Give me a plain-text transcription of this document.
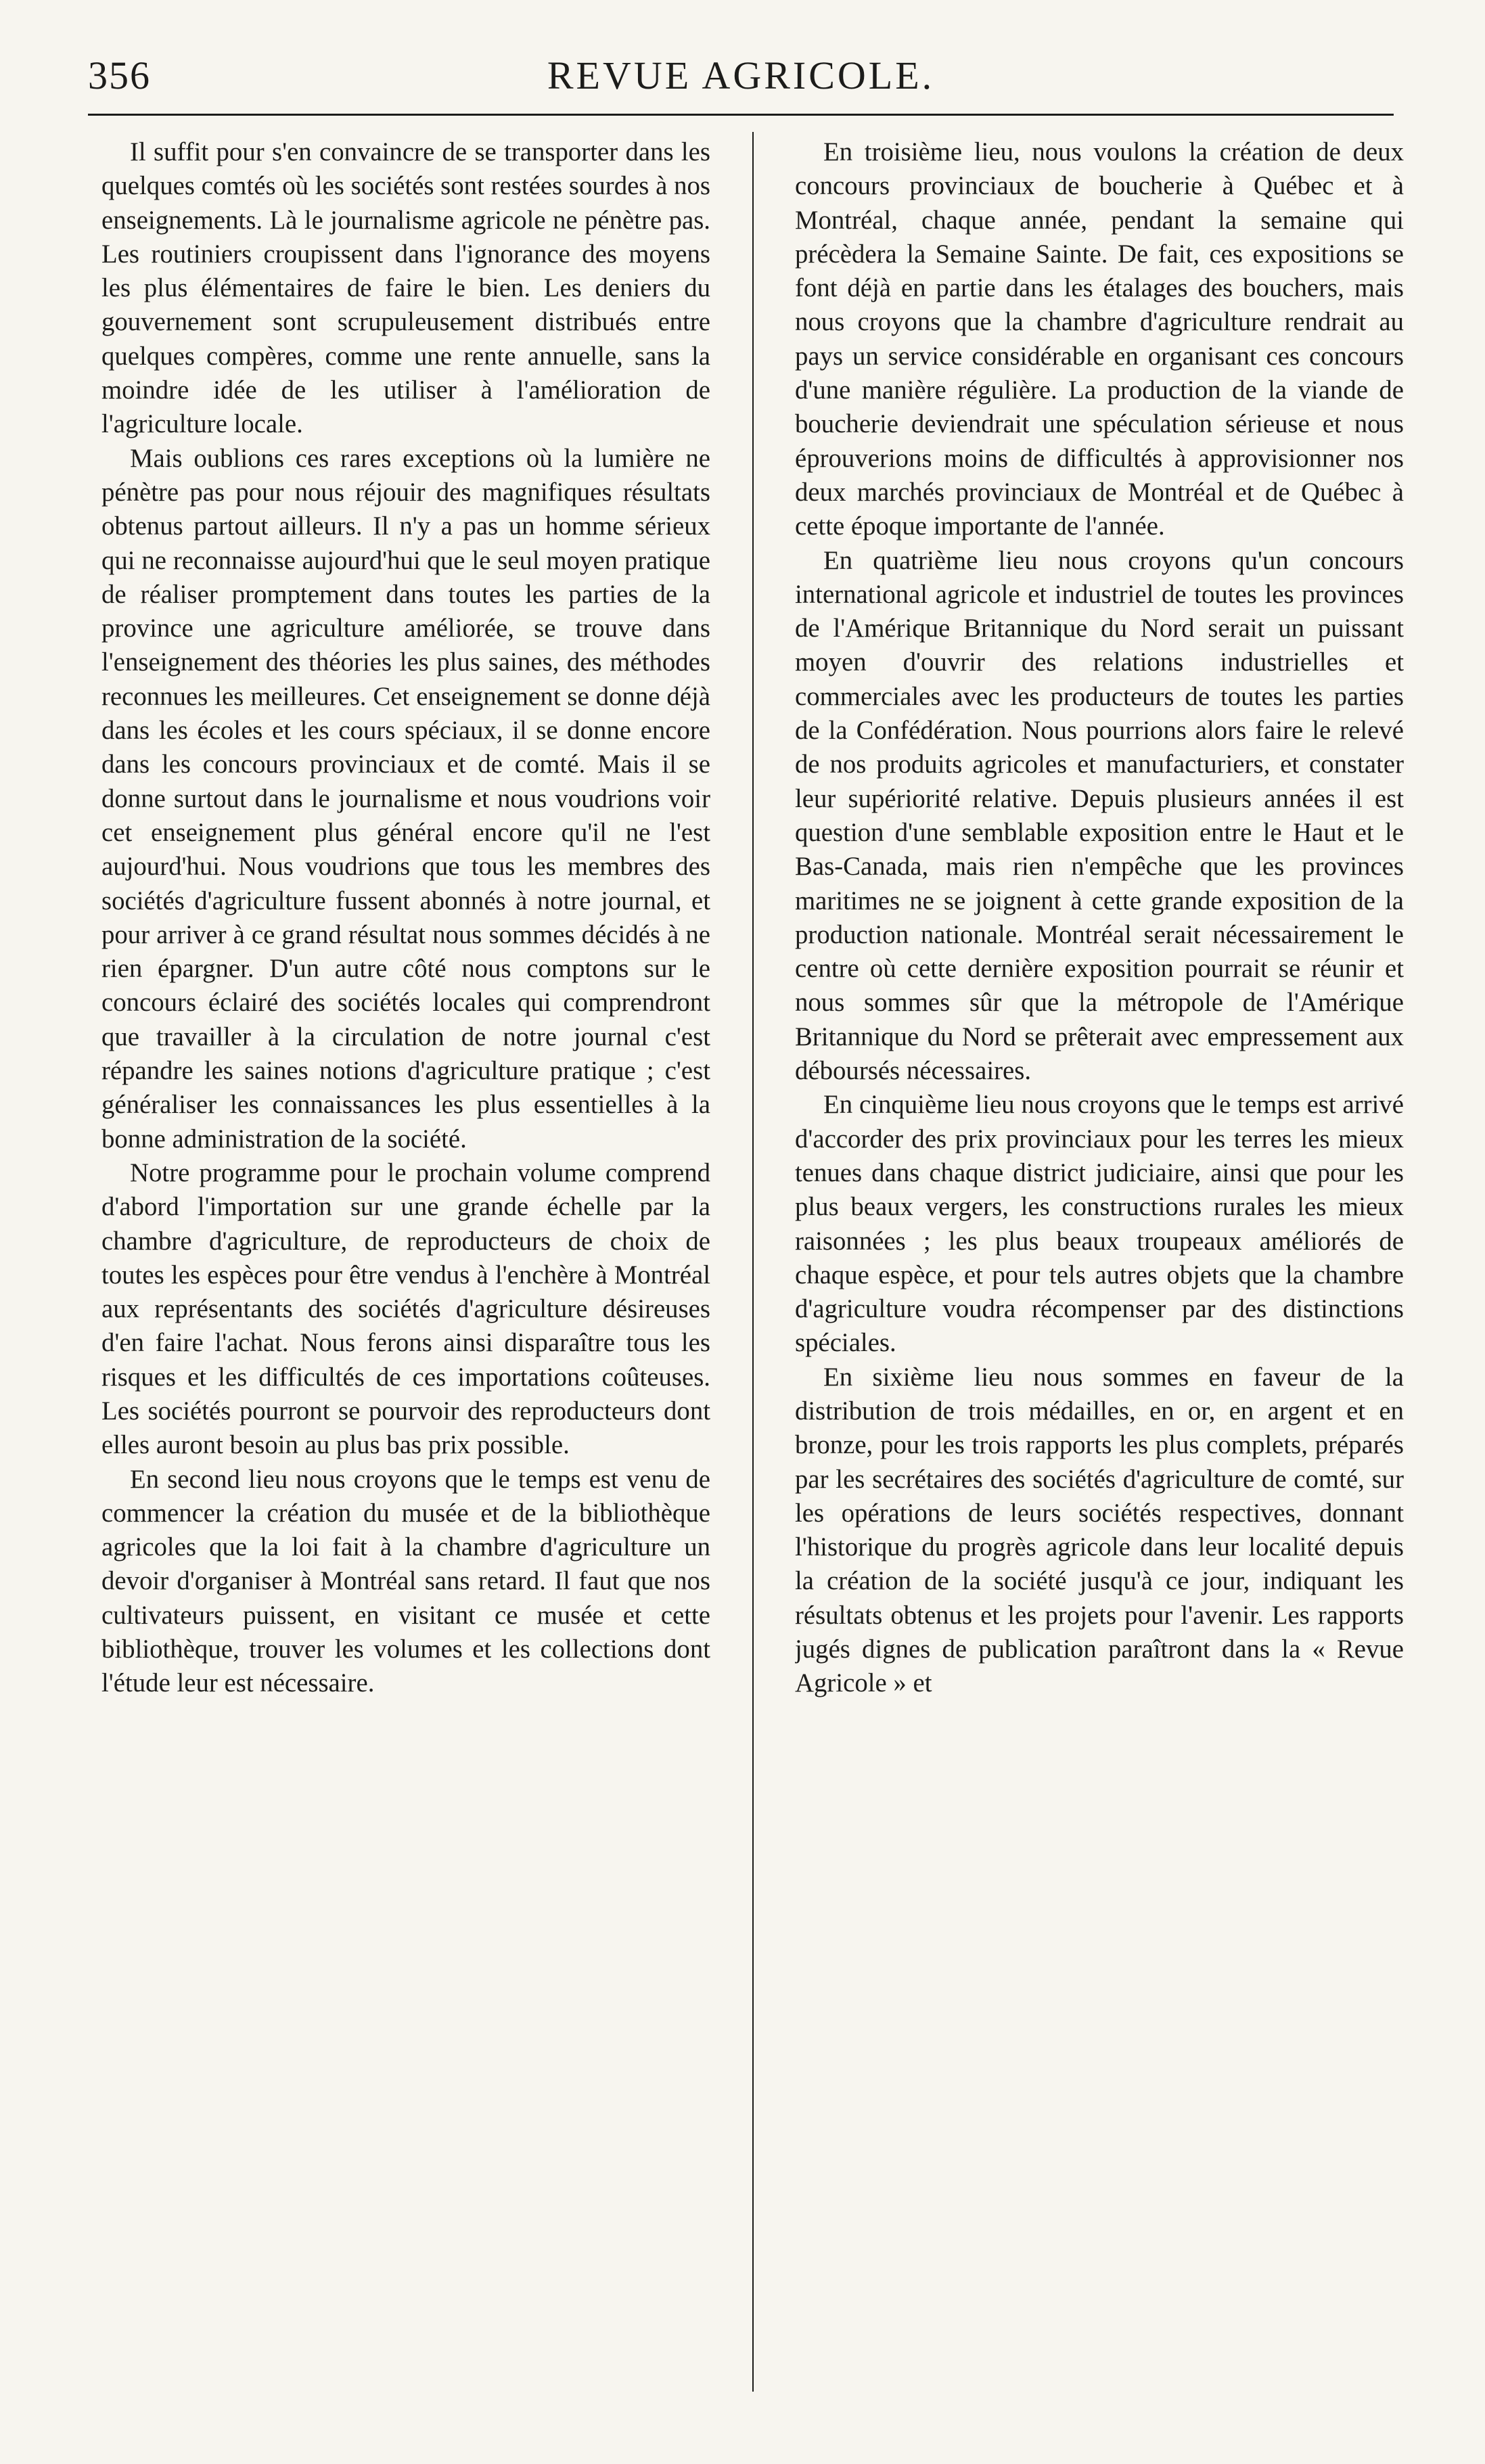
356	REVUE AGRICOLE.

Il suffit pour s'en convaincre de se transporter dans les quelques comtés où les sociétés sont restées sourdes à nos enseignements. Là le journalisme agricole ne pénètre pas. Les routiniers croupissent dans l'ignorance des moyens les plus élémentaires de faire le bien. Les deniers du gouvernement sont scrupuleusement distribués entre quelques compères, comme une rente annuelle, sans la moindre idée de les utiliser à l'amélioration de l'agriculture locale.

Mais oublions ces rares exceptions où la lumière ne pénètre pas pour nous réjouir des magnifiques résultats obtenus partout ailleurs. Il n'y a pas un homme sérieux qui ne reconnaisse aujourd'hui que le seul moyen pratique de réaliser promptement dans toutes les parties de la province une agriculture améliorée, se trouve dans l'enseignement des théories les plus saines, des méthodes reconnues les meilleures. Cet enseignement se donne déjà dans les écoles et les cours spéciaux, il se donne encore dans les concours provinciaux et de comté. Mais il se donne surtout dans le journalisme et nous voudrions voir cet enseignement plus général encore qu'il ne l'est aujourd'hui. Nous voudrions que tous les membres des sociétés d'agriculture fussent abonnés à notre journal, et pour arriver à ce grand résultat nous sommes décidés à ne rien épargner. D'un autre côté nous comptons sur le concours éclairé des sociétés locales qui comprendront que travailler à la circulation de notre journal c'est répandre les saines notions d'agriculture pratique ; c'est généraliser les connaissances les plus essentielles à la bonne administration de la société.

Notre programme pour le prochain volume comprend d'abord l'importation sur une grande échelle par la chambre d'agriculture, de reproducteurs de choix de toutes les espèces pour être vendus à l'enchère à Montréal aux représentants des sociétés d'agriculture désireuses d'en faire l'achat. Nous ferons ainsi disparaître tous les risques et les difficultés de ces importations coûteuses. Les sociétés pourront se pourvoir des reproducteurs dont elles auront besoin au plus bas prix possible.

En second lieu nous croyons que le temps est venu de commencer la création du musée et de la bibliothèque agricoles que la loi fait à la chambre d'agriculture un devoir d'organiser à Montréal sans retard. Il faut que nos cultivateurs puissent, en visitant ce musée et cette bibliothèque, trouver les volumes et les collections dont l'étude leur est nécessaire.

En troisième lieu, nous voulons la création de deux concours provinciaux de boucherie à Québec et à Montréal, chaque année, pendant la semaine qui précèdera la Semaine Sainte. De fait, ces expositions se font déjà en partie dans les étalages des bouchers, mais nous croyons que la chambre d'agriculture rendrait au pays un service considérable en organisant ces concours d'une manière régulière. La production de la viande de boucherie deviendrait une spéculation sérieuse et nous éprouverions moins de difficultés à approvisionner nos deux marchés provinciaux de Montréal et de Québec à cette époque importante de l'année.

En quatrième lieu nous croyons qu'un concours international agricole et industriel de toutes les provinces de l'Amérique Britannique du Nord serait un puissant moyen d'ouvrir des relations industrielles et commerciales avec les producteurs de toutes les parties de la Confédération. Nous pourrions alors faire le relevé de nos produits agricoles et manufacturiers, et constater leur supériorité relative. Depuis plusieurs années il est question d'une semblable exposition entre le Haut et le Bas-Canada, mais rien n'empêche que les provinces maritimes ne se joignent à cette grande exposition de la production nationale. Montréal serait nécessairement le centre où cette dernière exposition pourrait se réunir et nous sommes sûr que la métropole de l'Amérique Britannique du Nord se prêterait avec empressement aux déboursés nécessaires.

En cinquième lieu nous croyons que le temps est arrivé d'accorder des prix provinciaux pour les terres les mieux tenues dans chaque district judiciaire, ainsi que pour les plus beaux vergers, les constructions rurales les mieux raisonnées ; les plus beaux troupeaux améliorés de chaque espèce, et pour tels autres objets que la chambre d'agriculture voudra récompenser par des distinctions spéciales.

En sixième lieu nous sommes en faveur de la distribution de trois médailles, en or, en argent et en bronze, pour les trois rapports les plus complets, préparés par les secrétaires des sociétés d'agriculture de comté, sur les opérations de leurs sociétés respectives, donnant l'historique du progrès agricole dans leur localité depuis la création de la société jusqu'à ce jour, indiquant les résultats obtenus et les projets pour l'avenir. Les rapports jugés dignes de publication paraîtront dans la « Revue Agricole » et
